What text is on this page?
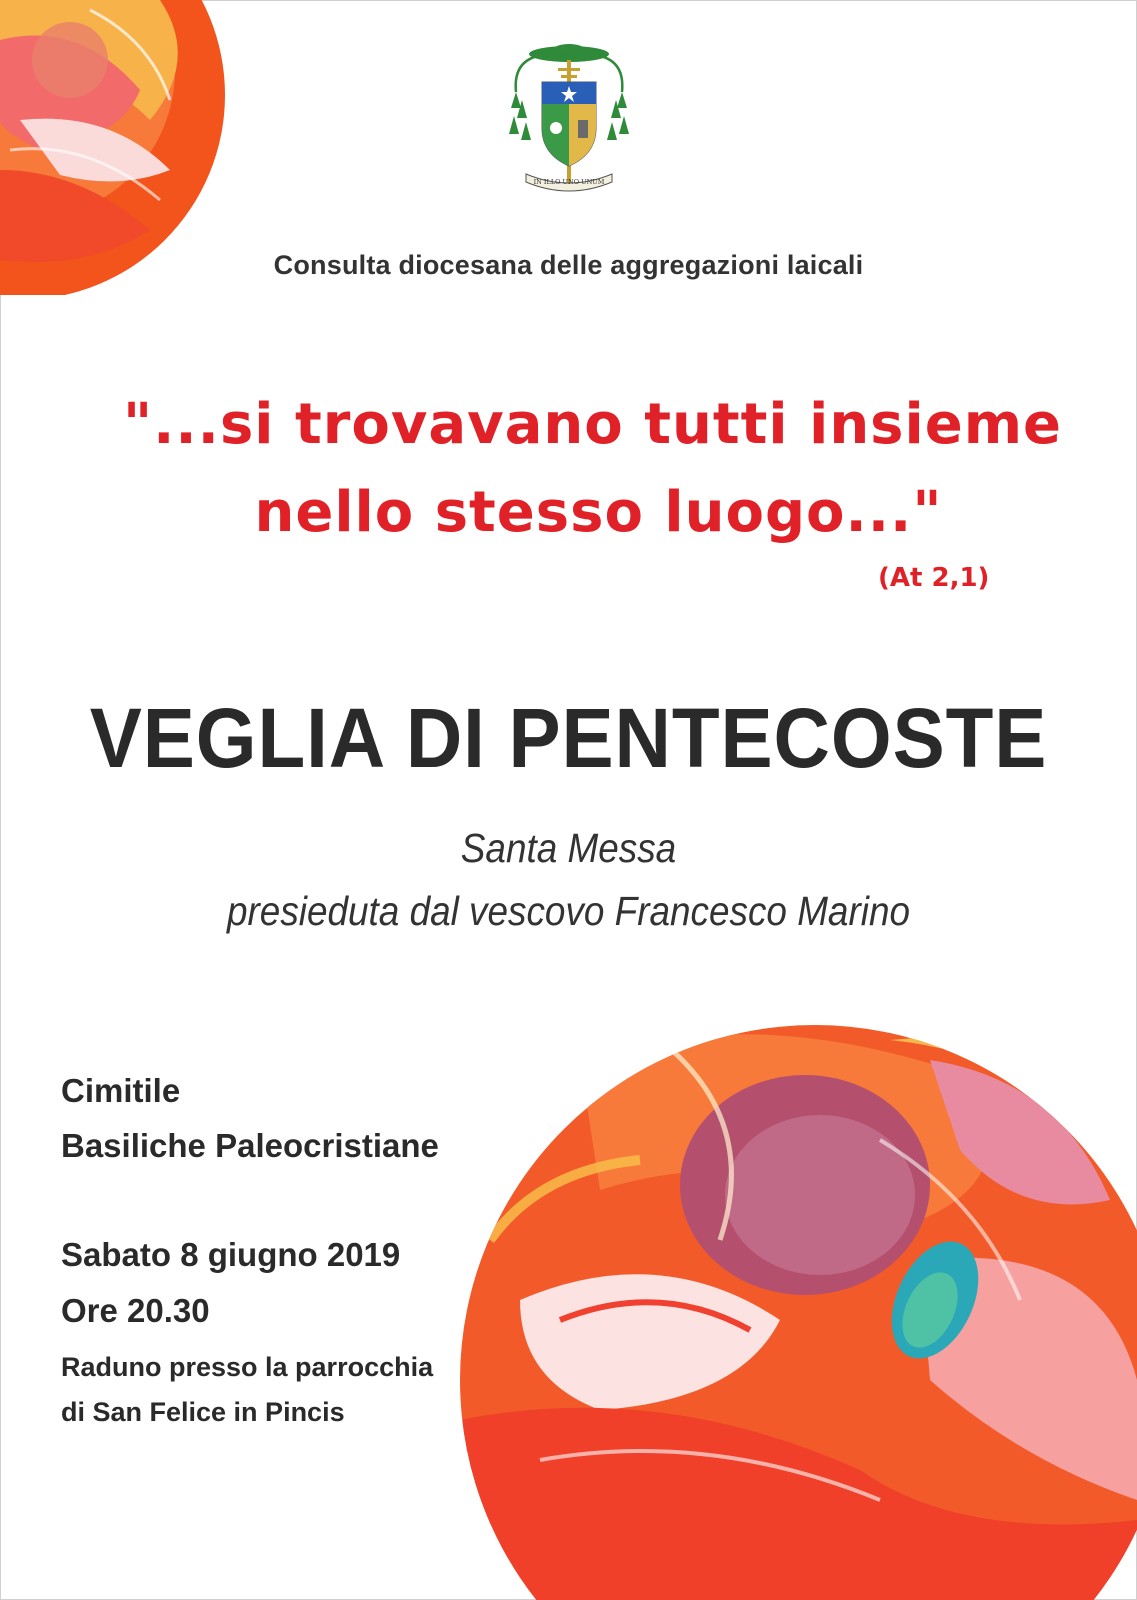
IN ILLO UNO UNUM
Consulta diocesana delle aggregazioni laicali
"...si trovavano tutti insieme
nello stesso luogo..."
(At 2,1)
VEGLIA DI PENTECOSTE
Santa Messa
presieduta dal vescovo Francesco Marino
Cimitile
Basiliche Paleocristiane
Sabato 8 giugno 2019
Ore 20.30
Raduno presso la parrocchia
di San Felice in Pincis
